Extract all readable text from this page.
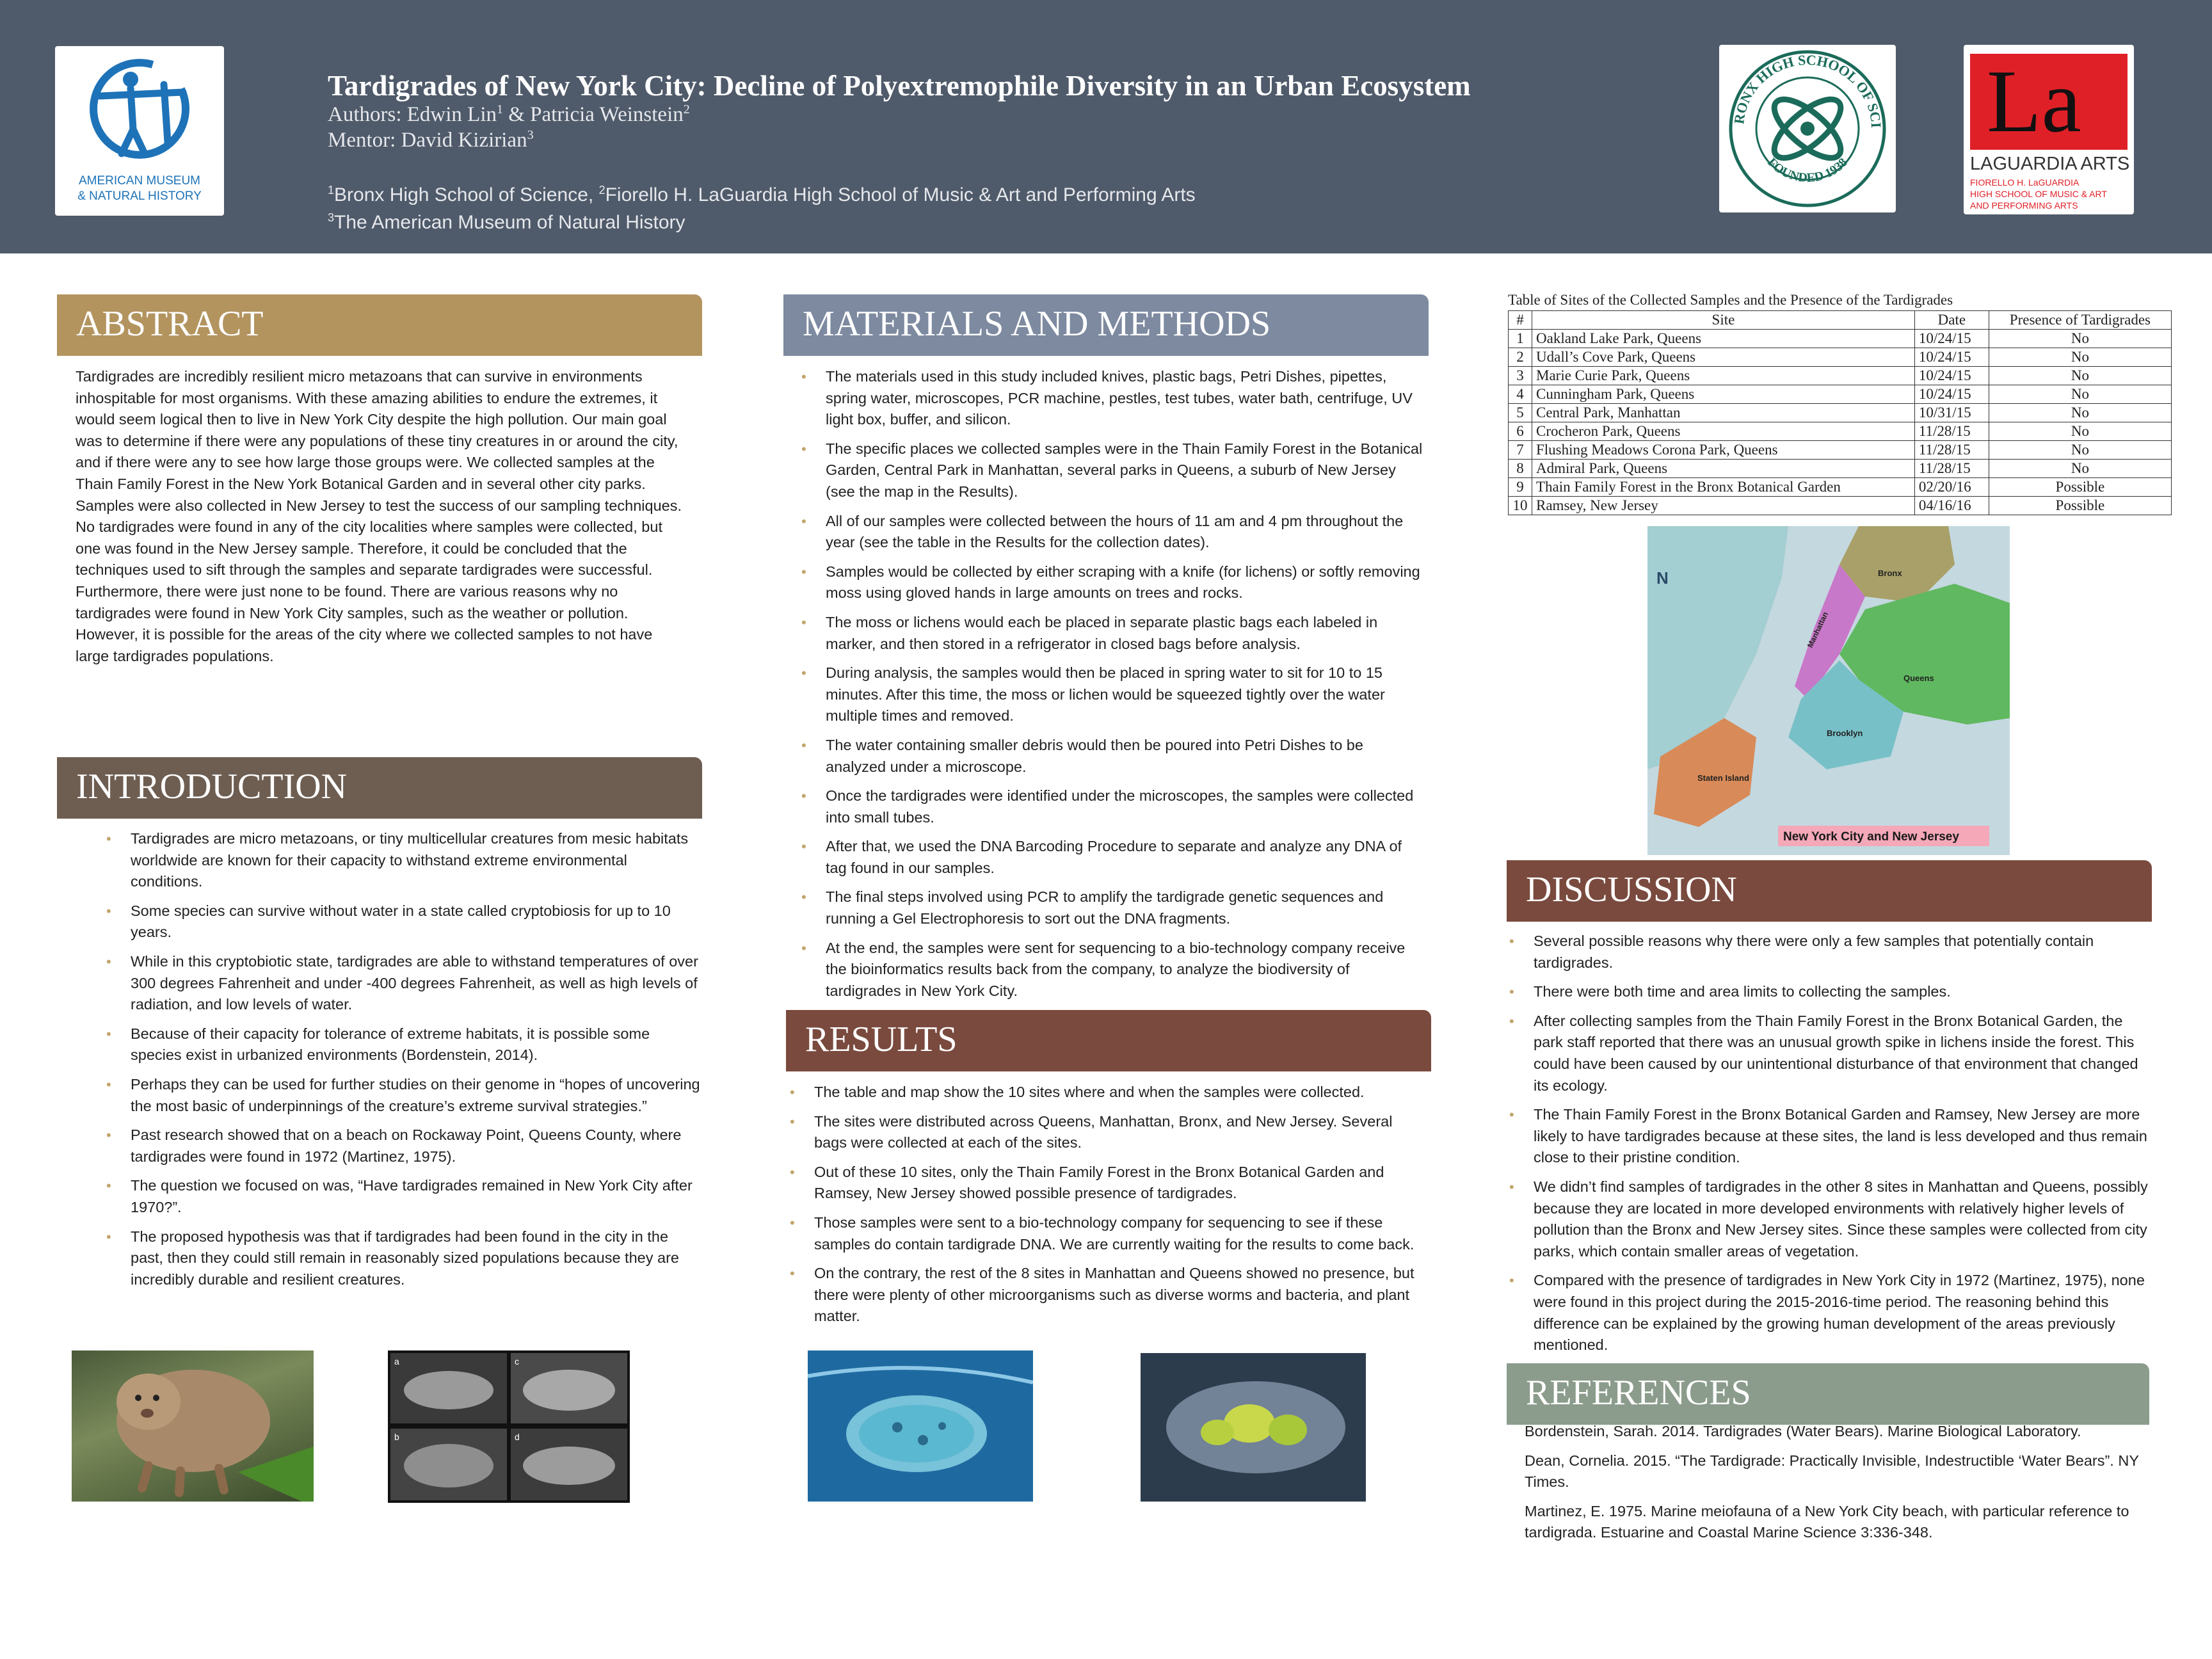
AMERICAN MUSEUM
& NATURAL HISTORY
Tardigrades of New York City: Decline of Polyextremophile Diversity in an Urban Ecosystem
Authors: Edwin Lin$^1$ & Patricia Weinstein$^2$
Mentor: David Kizirian$^3$
$^1$Bronx High School of Science, $^2$Fiorello H. LaGuardia High School of Music & Art and Performing Arts
$^3$The American Museum of Natural History
RONX HIGH SCHOOL OF SCI
FOUNDED 1938
La
LAGUARDIA ARTS
FIORELLO H. LaGUARDIA
HIGH SCHOOL OF MUSIC & ART
AND PERFORMING ARTS
ABSTRACT

Tardigrades are incredibly resilient micro metazoans that can survive in environments inhospitable for most organisms. With these amazing abilities to endure the extremes, it would seem logical then to live in New York City despite the high pollution. Our main goal was to determine if there were any populations of these tiny creatures in or around the city, and if there were any to see how large those groups were. We collected samples at the Thain Family Forest in the New York Botanical Garden and in several other city parks. Samples were also collected in New Jersey to test the success of our sampling techniques. No tardigrades were found in any of the city localities where samples were collected, but one was found in the New Jersey sample. Therefore, it could be concluded that the techniques used to sift through the samples and separate tardigrades were successful. Furthermore, there were just none to be found. There are various reasons why no tardigrades were found in New York City samples, such as the weather or pollution. However, it is possible for the areas of the city where we collected samples to not have large tardigrades populations.

INTRODUCTION
• Tardigrades are micro metazoans, or tiny multicellular creatures from mesic habitats worldwide are known for their capacity to withstand extreme environmental conditions.
• Some species can survive without water in a state called cryptobiosis for up to 10 years.
• While in this cryptobiotic state, tardigrades are able to withstand temperatures of over 300 degrees Fahrenheit and under -400 degrees Fahrenheit, as well as high levels of radiation, and low levels of water.
• Because of their capacity for tolerance of extreme habitats, it is possible some species exist in urbanized environments (Bordenstein, 2014).
• Perhaps they can be used for further studies on their genome in “hopes of uncovering the most basic of underpinnings of the creature’s extreme survival strategies.”
• Past research showed that on a beach on Rockaway Point, Queens County, where tardigrades were found in 1972 (Martinez, 1975).
• The question we focused on was, “Have tardigrades remained in New York City after 1970?”.
• The proposed hypothesis was that if tardigrades had been found in the city in the past, then they could still remain in reasonably sized populations because they are incredibly durable and resilient creatures.
a	c
b	d
MATERIALS AND METHODS
• The materials used in this study included knives, plastic bags, Petri Dishes, pipettes, spring water, microscopes, PCR machine, pestles, test tubes, water bath, centrifuge, UV light box, buffer, and silicon.
• The specific places we collected samples were in the Thain Family Forest in the Botanical Garden, Central Park in Manhattan, several parks in Queens, a suburb of New Jersey (see the map in the Results).
• All of our samples were collected between the hours of 11 am and 4 pm throughout the year (see the table in the Results for the collection dates).
• Samples would be collected by either scraping with a knife (for lichens) or softly removing moss using gloved hands in large amounts on trees and rocks.
• The moss or lichens would each be placed in separate plastic bags each labeled in marker, and then stored in a refrigerator in closed bags before analysis.
• During analysis, the samples would then be placed in spring water to sit for 10 to 15 minutes. After this time, the moss or lichen would be squeezed tightly over the water multiple times and removed.
• The water containing smaller debris would then be poured into Petri Dishes to be analyzed under a microscope.
• Once the tardigrades were identified under the microscopes, the samples were collected into small tubes.
• After that, we used the DNA Barcoding Procedure to separate and analyze any DNA of tag found in our samples.
• The final steps involved using PCR to amplify the tardigrade genetic sequences and running a Gel Electrophoresis to sort out the DNA fragments.
• At the end, the samples were sent for sequencing to a bio-technology company receive the bioinformatics results back from the company, to analyze the biodiversity of tardigrades in New York City.
RESULTS
• The table and map show the 10 sites where and when the samples were collected.
• The sites were distributed across Queens, Manhattan, Bronx, and New Jersey. Several bags were collected at each of the sites.
• Out of these 10 sites, only the Thain Family Forest in the Bronx Botanical Garden and Ramsey, New Jersey showed possible presence of tardigrades.
• Those samples were sent to a bio-technology company for sequencing to see if these samples do contain tardigrade DNA. We are currently waiting for the results to come back.
• On the contrary, the rest of the 8 sites in Manhattan and Queens showed no presence, but there were plenty of other microorganisms such as diverse worms and bacteria, and plant matter.
Table of Sites of the Collected Samples and the Presence of the Tardigrades
#	Site	Date	Presence of Tardigrades
1	Oakland Lake Park, Queens	10/24/15	No
2	Udall’s Cove Park, Queens	10/24/15	No
3	Marie Curie Park, Queens	10/24/15	No
4	Cunningham Park, Queens	10/24/15	No
5	Central Park, Manhattan	10/31/15	No
6	Crocheron Park, Queens	11/28/15	No
7	Flushing Meadows Corona Park, Queens	11/28/15	No
8	Admiral Park, Queens	11/28/15	No
9	Thain Family Forest in the Bronx Botanical Garden	02/20/16	Possible
10	Ramsey, New Jersey	04/16/16	Possible
N	Bronx
Manhattan
Queens
Brooklyn
Staten Island
New York City and New Jersey
DISCUSSION
• Several possible reasons why there were only a few samples that potentially contain tardigrades.
• There were both time and area limits to collecting the samples.
• After collecting samples from the Thain Family Forest in the Bronx Botanical Garden, the park staff reported that there was an unusual growth spike in lichens inside the forest. This could have been caused by our unintentional disturbance of that environment that changed its ecology.
• The Thain Family Forest in the Bronx Botanical Garden and Ramsey, New Jersey are more likely to have tardigrades because at these sites, the land is less developed and thus remain close to their pristine condition.
• We didn’t find samples of tardigrades in the other 8 sites in Manhattan and Queens, possibly because they are located in more developed environments with relatively higher levels of pollution than the Bronx and New Jersey sites. Since these samples were collected from city parks, which contain smaller areas of vegetation.
• Compared with the presence of tardigrades in New York City in 1972 (Martinez, 1975), none were found in this project during the 2015-2016-time period. The reasoning behind this difference can be explained by the growing human development of the areas previously mentioned.
REFERENCES

Bordenstein, Sarah. 2014. Tardigrades (Water Bears). Marine Biological Laboratory.

Dean, Cornelia. 2015. “The Tardigrade: Practically Invisible, Indestructible ‘Water Bears”. NY Times.

Martinez, E. 1975. Marine meiofauna of a New York City beach, with particular reference to tardigrada. Estuarine and Coastal Marine Science 3:336-348.
